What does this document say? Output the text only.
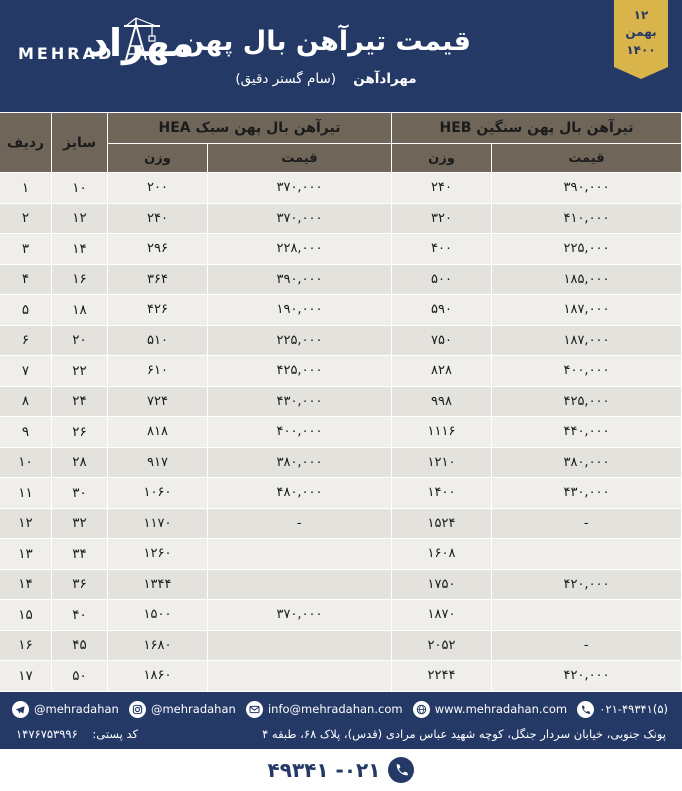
۱۲
بهمن
۱۴۰۰
قیمت تیرآهن بال پهن
مهرادآهن    (سام گستر دقیق)
مهراد
MEHRAD
تیرآهن بال پهن سنگین HEB		تیرآهن بال پهن سبک HEA		سایز	ردیف
قیمت	وزن	قیمت	وزن		
۳۹۰,۰۰۰	۲۴۰	۳۷۰,۰۰۰	۲۰۰	۱۰	۱
۴۱۰,۰۰۰	۳۲۰	۳۷۰,۰۰۰	۲۴۰	۱۲	۲
۲۲۵,۰۰۰	۴۰۰	۲۲۸,۰۰۰	۲۹۶	۱۴	۳
۱۸۵,۰۰۰	۵۰۰	۳۹۰,۰۰۰	۳۶۴	۱۶	۴
۱۸۷,۰۰۰	۵۹۰	۱۹۰,۰۰۰	۴۲۶	۱۸	۵
۱۸۷,۰۰۰	۷۵۰	۲۲۵,۰۰۰	۵۱۰	۲۰	۶
۴۰۰,۰۰۰	۸۲۸	۴۲۵,۰۰۰	۶۱۰	۲۲	۷
۴۲۵,۰۰۰	۹۹۸	۴۳۰,۰۰۰	۷۲۴	۲۴	۸
۴۴۰,۰۰۰	۱۱۱۶	۴۰۰,۰۰۰	۸۱۸	۲۶	۹
۳۸۰,۰۰۰	۱۲۱۰	۳۸۰,۰۰۰	۹۱۷	۲۸	۱۰
۴۳۰,۰۰۰	۱۴۰۰	۴۸۰,۰۰۰	۱۰۶۰	۳۰	۱۱
-	۱۵۲۴	-	۱۱۷۰	۳۲	۱۲
	۱۶۰۸		۱۲۶۰	۳۴	۱۳
۴۲۰,۰۰۰	۱۷۵۰		۱۳۴۴	۳۶	۱۴
	۱۸۷۰	۳۷۰,۰۰۰	۱۵۰۰	۴۰	۱۵
-	۲۰۵۲		۱۶۸۰	۴۵	۱۶
۴۲۰,۰۰۰	۲۲۴۴		۱۸۶۰	۵۰	۱۷
@mehradahan	@mehradahan	info@mehradahan.com	www.mehradahan.com	۰۲۱-۴۹۳۴۱(۵)
پونک جنوبی، خیابان سردار جنگل، کوچه شهید عباس مرادی (قدس)، پلاک ۶۸، طبقه ۴
کد پستی:    ۱۴۷۶۷۵۳۹۹۶
۰۲۱- ۴۹۳۴۱
